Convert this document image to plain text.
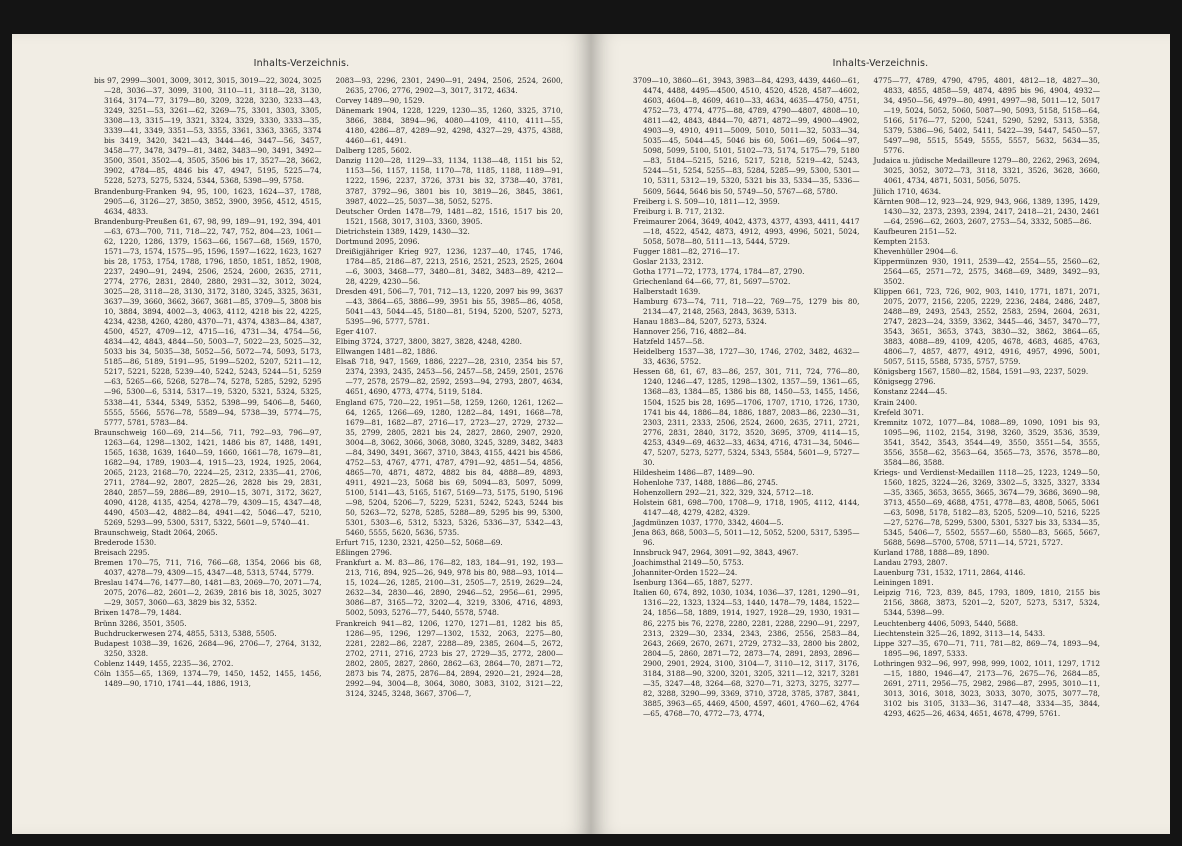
Inhalts-Verzeichnis.

bis 97, 2999—3001, 3009, 3012, 3015, 3019—22, 3024, 3025—28, 3036—37, 3099, 3100, 3110—11, 3118—28, 3130, 3164, 3174—77, 3179—80, 3209, 3228, 3230, 3233—43, 3249, 3251—53, 3261—62, 3269—75, 3301, 3303, 3305, 3308—13, 3315—19, 3321, 3324, 3329, 3330, 3333—35, 3339—41, 3349, 3351—53, 3355, 3361, 3363, 3365, 3374 bis 3419, 3420, 3421—43, 3444—46, 3447—56, 3457, 3458—77, 3478, 3479—81, 3482, 3483—90, 3491, 3492—3500, 3501, 3502—4, 3505, 3506 bis 17, 3527—28, 3662, 3902, 4784—85, 4846 bis 47, 4947, 5195, 5225—74, 5228, 5273, 5275, 5324, 5344, 5368, 5398—99, 5758.

Brandenburg-Franken 94, 95, 100, 1623, 1624—37, 1788, 2905—6, 3126—27, 3850, 3852, 3900, 3956, 4512, 4515, 4634, 4833.

Brandenburg-Preußen 61, 67, 98, 99, 189—91, 192, 394, 401—63, 673—700, 711, 718—22, 747, 752, 804—23, 1061—62, 1220, 1286, 1379, 1563—66, 1567—68, 1569, 1570, 1571—73, 1574, 1575—95, 1596, 1597—1622, 1623, 1627 bis 28, 1753, 1754, 1788, 1796, 1850, 1851, 1852, 1908, 2237, 2490—91, 2494, 2506, 2524, 2600, 2635, 2711, 2774, 2776, 2831, 2840, 2880, 2931—32, 3012, 3024, 3025—28, 3118—28, 3130, 3172, 3180, 3245, 3325, 3631, 3637—39, 3660, 3662, 3667, 3681—85, 3709—5, 3808 bis 10, 3884, 3894, 4002—3, 4063, 4112, 4218 bis 22, 4225, 4234, 4238, 4260, 4280, 4370—71, 4374, 4383—84, 4387, 4500, 4527, 4709—12, 4715—16, 4731—34, 4754—56, 4834—42, 4843, 4844—50, 5003—7, 5022—23, 5025—32, 5033 bis 34, 5035—38, 5052—56, 5072—74, 5093, 5173, 5185—86, 5189, 5191—95, 5199—5202, 5207, 5211—12, 5217, 5221, 5228, 5239—40, 5242, 5243, 5244—51, 5259—63, 5265—66, 5268, 5278—74, 5278, 5285, 5292, 5295—96, 5300—6, 5314, 5317—19, 5320, 5321, 5324, 5325, 5338—41, 5344, 5349, 5352, 5398—99, 5406—8, 5460, 5555, 5566, 5576—78, 5589—94, 5738—39, 5774—75, 5777, 5781, 5783—84.

Braunschweig 160—69, 214—56, 711, 792—93, 796—97, 1263—64, 1298—1302, 1421, 1486 bis 87, 1488, 1491, 1565, 1638, 1639, 1640—59, 1660, 1661—78, 1679—81, 1682—94, 1789, 1903—4, 1915—23, 1924, 1925, 2064, 2065, 2123, 2168—70, 2224—25, 2312, 2335—41, 2706, 2711, 2784—92, 2807, 2825—26, 2828 bis 29, 2831, 2840, 2857—59, 2886—89, 2910—15, 3071, 3172, 3627, 4090, 4128, 4135, 4254, 4278—79, 4309—15, 4347—48, 4490, 4503—42, 4882—84, 4941—42, 5046—47, 5210, 5269, 5293—99, 5300, 5317, 5322, 5601—9, 5740—41.

Braunschweig, Stadt 2064, 2065.

Brederode 1530.

Breisach 2295.

Bremen 170—75, 711, 716, 766—68, 1354, 2066 bis 68, 4037, 4278—79, 4309—15, 4347—48, 5313, 5744, 5779.

Breslau 1474—76, 1477—80, 1481—83, 2069—70, 2071—74, 2075, 2076—82, 2601—2, 2639, 2816 bis 18, 3025, 3027—29, 3057, 3060—63, 3829 bis 32, 5352.

Brixen 1478—79, 1484.

Brünn 3286, 3501, 3505.

Buchdruckerwesen 274, 4855, 5313, 5388, 5505.

Budapest 1038—39, 1626, 2684—96, 2706—7, 2764, 3132, 3250, 3328.

Coblenz 1449, 1455, 2235—36, 2702.

Cöln 1355—65, 1369, 1374—79, 1450, 1452, 1455, 1456, 1489—90, 1710, 1741—44, 1886, 1913,

2083—93, 2296, 2301, 2490—91, 2494, 2506, 2524, 2600, 2635, 2706, 2776, 2902—3, 3017, 3172, 4634.

Corvey 1489—90, 1529.

Dänemark 1904, 1228, 1229, 1230—35, 1260, 3325, 3710, 3866, 3884, 3894—96, 4080—4109, 4110, 4111—55, 4180, 4286—87, 4289—92, 4298, 4327—29, 4375, 4388, 4460—61, 4491.

Dalberg 1285, 5602.

Danzig 1120—28, 1129—33, 1134, 1138—48, 1151 bis 52, 1153—56, 1157, 1158, 1170—78, 1185, 1188, 1189—91, 1222, 1596, 2237, 3726, 3731 bis 32, 3738—40, 3781, 3787, 3792—96, 3801 bis 10, 3819—26, 3845, 3861, 3987, 4022—25, 5037—38, 5052, 5275.

Deutscher Orden 1478—79, 1481—82, 1516, 1517 bis 20, 1521, 1568, 3017, 3103, 3360, 3905.

Dietrichstein 1389, 1429, 1430—32.

Dortmund 2095, 2096.

Dreißigjähriger Krieg 927, 1236, 1237—40, 1745, 1746, 1784—85, 2186—87, 2213, 2516, 2521, 2523, 2525, 2604—6, 3003, 3468—77, 3480—81, 3482, 3483—89, 4212—28, 4229, 4230—56.

Dresden 491, 506—7, 701, 712—13, 1220, 2097 bis 99, 3637—43, 3864—65, 3886—99, 3951 bis 55, 3985—86, 4058, 5041—43, 5044—45, 5180—81, 5194, 5200, 5207, 5273, 5395—96, 5777, 5781.

Eger 4107.

Elbing 3724, 3727, 3800, 3827, 3828, 4248, 4280.

Ellwangen 1481—82, 1886.

Elsaß 718, 947, 1569, 1886, 2227—28, 2310, 2354 bis 57, 2374, 2393, 2435, 2453—56, 2457—58, 2459, 2501, 2576—77, 2578, 2579—82, 2592, 2593—94, 2793, 2807, 4634, 4651, 4690, 4773, 4774, 5119, 5184.

England 675, 720—22, 1951—58, 1259, 1260, 1261, 1262—64, 1265, 1266—69, 1280, 1282—84, 1491, 1668—78, 1679—81, 1682—87, 2716—17, 2723—27, 2729, 2732—35, 2799, 2805, 2821 bis 24, 2827, 2860, 2907, 2920, 3004—8, 3062, 3066, 3068, 3080, 3245, 3289, 3482, 3483—84, 3490, 3491, 3667, 3710, 3843, 4155, 4421 bis 4586, 4752—53, 4767, 4771, 4787, 4791—92, 4851—54, 4856, 4865—70, 4871, 4872, 4882 bis 84, 4888—89, 4893, 4911, 4921—23, 5068 bis 69, 5094—83, 5097, 5099, 5100, 5141—43, 5165, 5167, 5169—73, 5175, 5190, 5196—98, 5204, 5206—7, 5229, 5231, 5242, 5243, 5244 bis 50, 5263—72, 5278, 5285, 5288—89, 5295 bis 99, 5300, 5301, 5303—6, 5312, 5323, 5326, 5336—37, 5342—43, 5460, 5555, 5620, 5636, 5735.

Erfurt 715, 1230, 2321, 4250—52, 5068—69.

Eßlingen 2796.

Frankfurt a. M. 83—86, 176—82, 183, 184—91, 192, 193—213, 716, 894, 925—26, 949, 978 bis 80, 988—93, 1014—15, 1024—26, 1285, 2100—31, 2505—7, 2519, 2629—24, 2632—34, 2830—46, 2890, 2946—52, 2956—61, 2995, 3086—87, 3165—72, 3202—4, 3219, 3306, 4716, 4893, 5002, 5093, 5276—77, 5440, 5578, 5748.

Frankreich 941—82, 1206, 1270, 1271—81, 1282 bis 85, 1286—95, 1296, 1297—1302, 1532, 2063, 2275—80, 2281, 2282—86, 2287, 2288—89, 2385, 2604—5, 2672, 2702, 2711, 2716, 2723 bis 27, 2729—35, 2772, 2800—2802, 2805, 2827, 2860, 2862—63, 2864—70, 2871—72, 2873 bis 74, 2875, 2876—84, 2894, 2920—21, 2924—28, 2992—94, 3004—8, 3064, 3080, 3083, 3102, 3121—22, 3124, 3245, 3248, 3667, 3706—7,

Inhalts-Verzeichnis.

3709—10, 3860—61, 3943, 3983—84, 4293, 4439, 4460—61, 4474, 4488, 4495—4500, 4510, 4520, 4528, 4587—4602, 4603, 4604—8, 4609, 4610—33, 4634, 4635—4750, 4751, 4752—73, 4774, 4775—88, 4789, 4790—4807, 4808—10, 4811—42, 4843, 4844—70, 4871, 4872—99, 4900—4902, 4903—9, 4910, 4911—5009, 5010, 5011—32, 5033—34, 5035—45, 5044—45, 5046 bis 60, 5061—69, 5064—97, 5098, 5099, 5100, 5101, 5102—73, 5174, 5175—79, 5180—83, 5184—5215, 5216, 5217, 5218, 5219—42, 5243, 5244—51, 5254, 5255—83, 5284, 5285—99, 5300, 5301—10, 5311, 5312—19, 5320, 5321 bis 33, 5334—35, 5336—5609, 5644, 5646 bis 50, 5749—50, 5767—68, 5780.

Freiberg i. S. 509—10, 1811—12, 3959.

Freiburg i. B. 717, 2132.

Freimaurer 2064, 3649, 4042, 4373, 4377, 4393, 4411, 4417—18, 4522, 4542, 4873, 4912, 4993, 4996, 5021, 5024, 5058, 5078—80, 5111—13, 5444, 5729.

Fugger 1881—82, 2716—17.

Goslar 2133, 2312.

Gotha 1771—72, 1773, 1774, 1784—87, 2790.

Griechenland 64—66, 77, 81, 5697—5702.

Halberstadt 1639.

Hamburg 673—74, 711, 718—22, 769—75, 1279 bis 80, 2134—47, 2148, 2563, 2843, 3639, 5313.

Hanau 1883—84, 5207, 5273, 5324.

Hannover 256, 716, 4882—84.

Hatzfeld 1457—58.

Heidelberg 1537—38, 1727—30, 1746, 2702, 3482, 4632—33, 4636, 5752.

Hessen 68, 61, 67, 83—86, 257, 301, 711, 724, 776—80, 1240, 1246—47, 1285, 1298—1302, 1357—59, 1361—65, 1368—83, 1384—85, 1386 bis 88, 1450—53, 1455, 1456, 1504, 1525 bis 28, 1695—1706, 1707, 1710, 1726, 1730, 1741 bis 44, 1886—84, 1886, 1887, 2083—86, 2230—31, 2303, 2311, 2333, 2506, 2524, 2600, 2635, 2711, 2721, 2776, 2831, 2840, 3172, 3520, 3695, 3709, 4114—15, 4253, 4349—69, 4632—33, 4634, 4716, 4731—34, 5046—47, 5207, 5273, 5277, 5324, 5343, 5584, 5601—9, 5727—30.

Hildesheim 1486—87, 1489—90.

Hohenlohe 737, 1488, 1886—86, 2745.

Hohenzollern 292—21, 322, 329, 324, 5712—18.

Holstein 681, 698—700, 1708—9, 1718, 1905, 4112, 4144, 4147—48, 4279, 4282, 4329.

Jagdmünzen 1037, 1770, 3342, 4604—5.

Jena 863, 868, 5003—5, 5011—12, 5052, 5200, 5317, 5395—96.

Innsbruck 947, 2964, 3091—92, 3843, 4967.

Joachimsthal 2149—50, 5753.

Johanniter-Orden 1522—24.

Isenburg 1364—65, 1887, 5277.

Italien 60, 674, 892, 1030, 1034, 1036—37, 1281, 1290—91, 1316—22, 1323, 1324—53, 1440, 1478—79, 1484, 1522—24, 1856—58, 1889, 1914, 1927, 1928—29, 1930, 1931—86, 2275 bis 76, 2278, 2280, 2281, 2288, 2290—91, 2297, 2313, 2329—30, 2334, 2343, 2386, 2556, 2583—84, 2643, 2669, 2670, 2671, 2729, 2732—33, 2800 bis 2802, 2804—5, 2860, 2871—72, 2873—74, 2891, 2893, 2896—2900, 2901, 2924, 3100, 3104—7, 3110—12, 3117, 3176, 3184, 3188—90, 3200, 3201, 3205, 3211—12, 3217, 3281—35, 3247—48, 3264—68, 3270—71, 3273, 3275, 3277—82, 3288, 3290—99, 3369, 3710, 3728, 3785, 3787, 3841, 3885, 3963—65, 4469, 4500, 4597, 4601, 4760—62, 4764—65, 4768—70, 4772—73, 4774,

4775—77, 4789, 4790, 4795, 4801, 4812—18, 4827—30, 4833, 4855, 4858—59, 4874, 4895 bis 96, 4904, 4932—34, 4950—56, 4979—80, 4991, 4997—98, 5011—12, 5017—19, 5024, 5052, 5060, 5087—90, 5093, 5158, 5158—64, 5166, 5176—77, 5200, 5241, 5290, 5292, 5313, 5358, 5379, 5386—96, 5402, 5411, 5422—39, 5447, 5450—57, 5497—98, 5515, 5549, 5555, 5557, 5632, 5634—35, 5776.

Judaica u. jüdische Medailleure 1279—80, 2262, 2963, 2694, 3025, 3052, 3072—73, 3118, 3321, 3526, 3628, 3660, 4061, 4734, 4871, 5031, 5056, 5075.

Jülich 1710, 4634.

Kärnten 908—12, 923—24, 929, 943, 966, 1389, 1395, 1429, 1430—32, 2373, 2393, 2394, 2417, 2418—21, 2430, 2461—64, 2596—62, 2603, 2607, 2753—54, 3332, 5085—86.

Kaufbeuren 2151—52.

Kempten 2153.

Khevenhüller 2904—6.

Kippermünzen 930, 1911, 2539—42, 2554—55, 2560—62, 2564—65, 2571—72, 2575, 3468—69, 3489, 3492—93, 3502.

Klippen 661, 723, 726, 902, 903, 1410, 1771, 1871, 2071, 2075, 2077, 2156, 2205, 2229, 2236, 2484, 2486, 2487, 2488—89, 2493, 2543, 2552, 2583, 2594, 2604, 2631, 2747, 2823—24, 3359, 3362, 3445—46, 3457, 3470—77, 3543, 3651, 3653, 3743, 3830—32, 3862, 3864—65, 3883, 4088—89, 4109, 4205, 4678, 4683, 4685, 4763, 4806—7, 4857, 4877, 4912, 4916, 4957, 4996, 5001, 5057, 5115, 5588, 5735, 5757, 5759.

Königsberg 1567, 1580—82, 1584, 1591—93, 2237, 5029.

Königsegg 2796.

Konstanz 2244—45.

Krain 2400.

Krefeld 3071.

Kremnitz 1072, 1077—84, 1088—89, 1090, 1091 bis 93, 1095—96, 1102, 2154, 3198, 3260, 3529, 3536, 3539, 3541, 3542, 3543, 3544—49, 3550, 3551—54, 3555, 3556, 3558—62, 3563—64, 3565—73, 3576, 3578—80, 3584—86, 3588.

Kriegs- und Verdienst-Medaillen 1118—25, 1223, 1249—50, 1560, 1825, 3224—26, 3269, 3302—5, 3325, 3327, 3334—35, 3365, 3653, 3655, 3665, 3674—79, 3686, 3690—98, 3713, 4550—69, 4688, 4751, 4778—83, 4808, 5065, 5061—63, 5098, 5178, 5182—83, 5205, 5209—10, 5216, 5225—27, 5276—78, 5299, 5300, 5301, 5327 bis 33, 5334—35, 5345, 5406—7, 5502, 5557—60, 5580—83, 5665, 5667, 5688, 5698—5700, 5708, 5711—14, 5721, 5727.

Kurland 1788, 1888—89, 1890.

Landau 2793, 2807.

Lauenburg 731, 1532, 1711, 2864, 4146.

Leiningen 1891.

Leipzig 716, 723, 839, 845, 1793, 1809, 1810, 2155 bis 2156, 3868, 3873, 5201—2, 5207, 5273, 5317, 5324, 5344, 5398—99.

Leuchtenberg 4406, 5093, 5440, 5688.

Liechtenstein 325—26, 1892, 3113—14, 5433.

Lippe 327—35, 670—71, 711, 781—82, 869—74, 1893—94, 1895—96, 1897, 5333.

Lothringen 932—96, 997, 998, 999, 1002, 1011, 1297, 1712—15, 1880, 1946—47, 2173—76, 2675—76, 2684—85, 2691, 2711, 2956—75, 2982, 2986—87, 2995, 3010—11, 3013, 3016, 3018, 3023, 3033, 3070, 3075, 3077—78, 3102 bis 3105, 3133—36, 3147—48, 3334—35, 3844, 4293, 4625—26, 4634, 4651, 4678, 4799, 5761.
